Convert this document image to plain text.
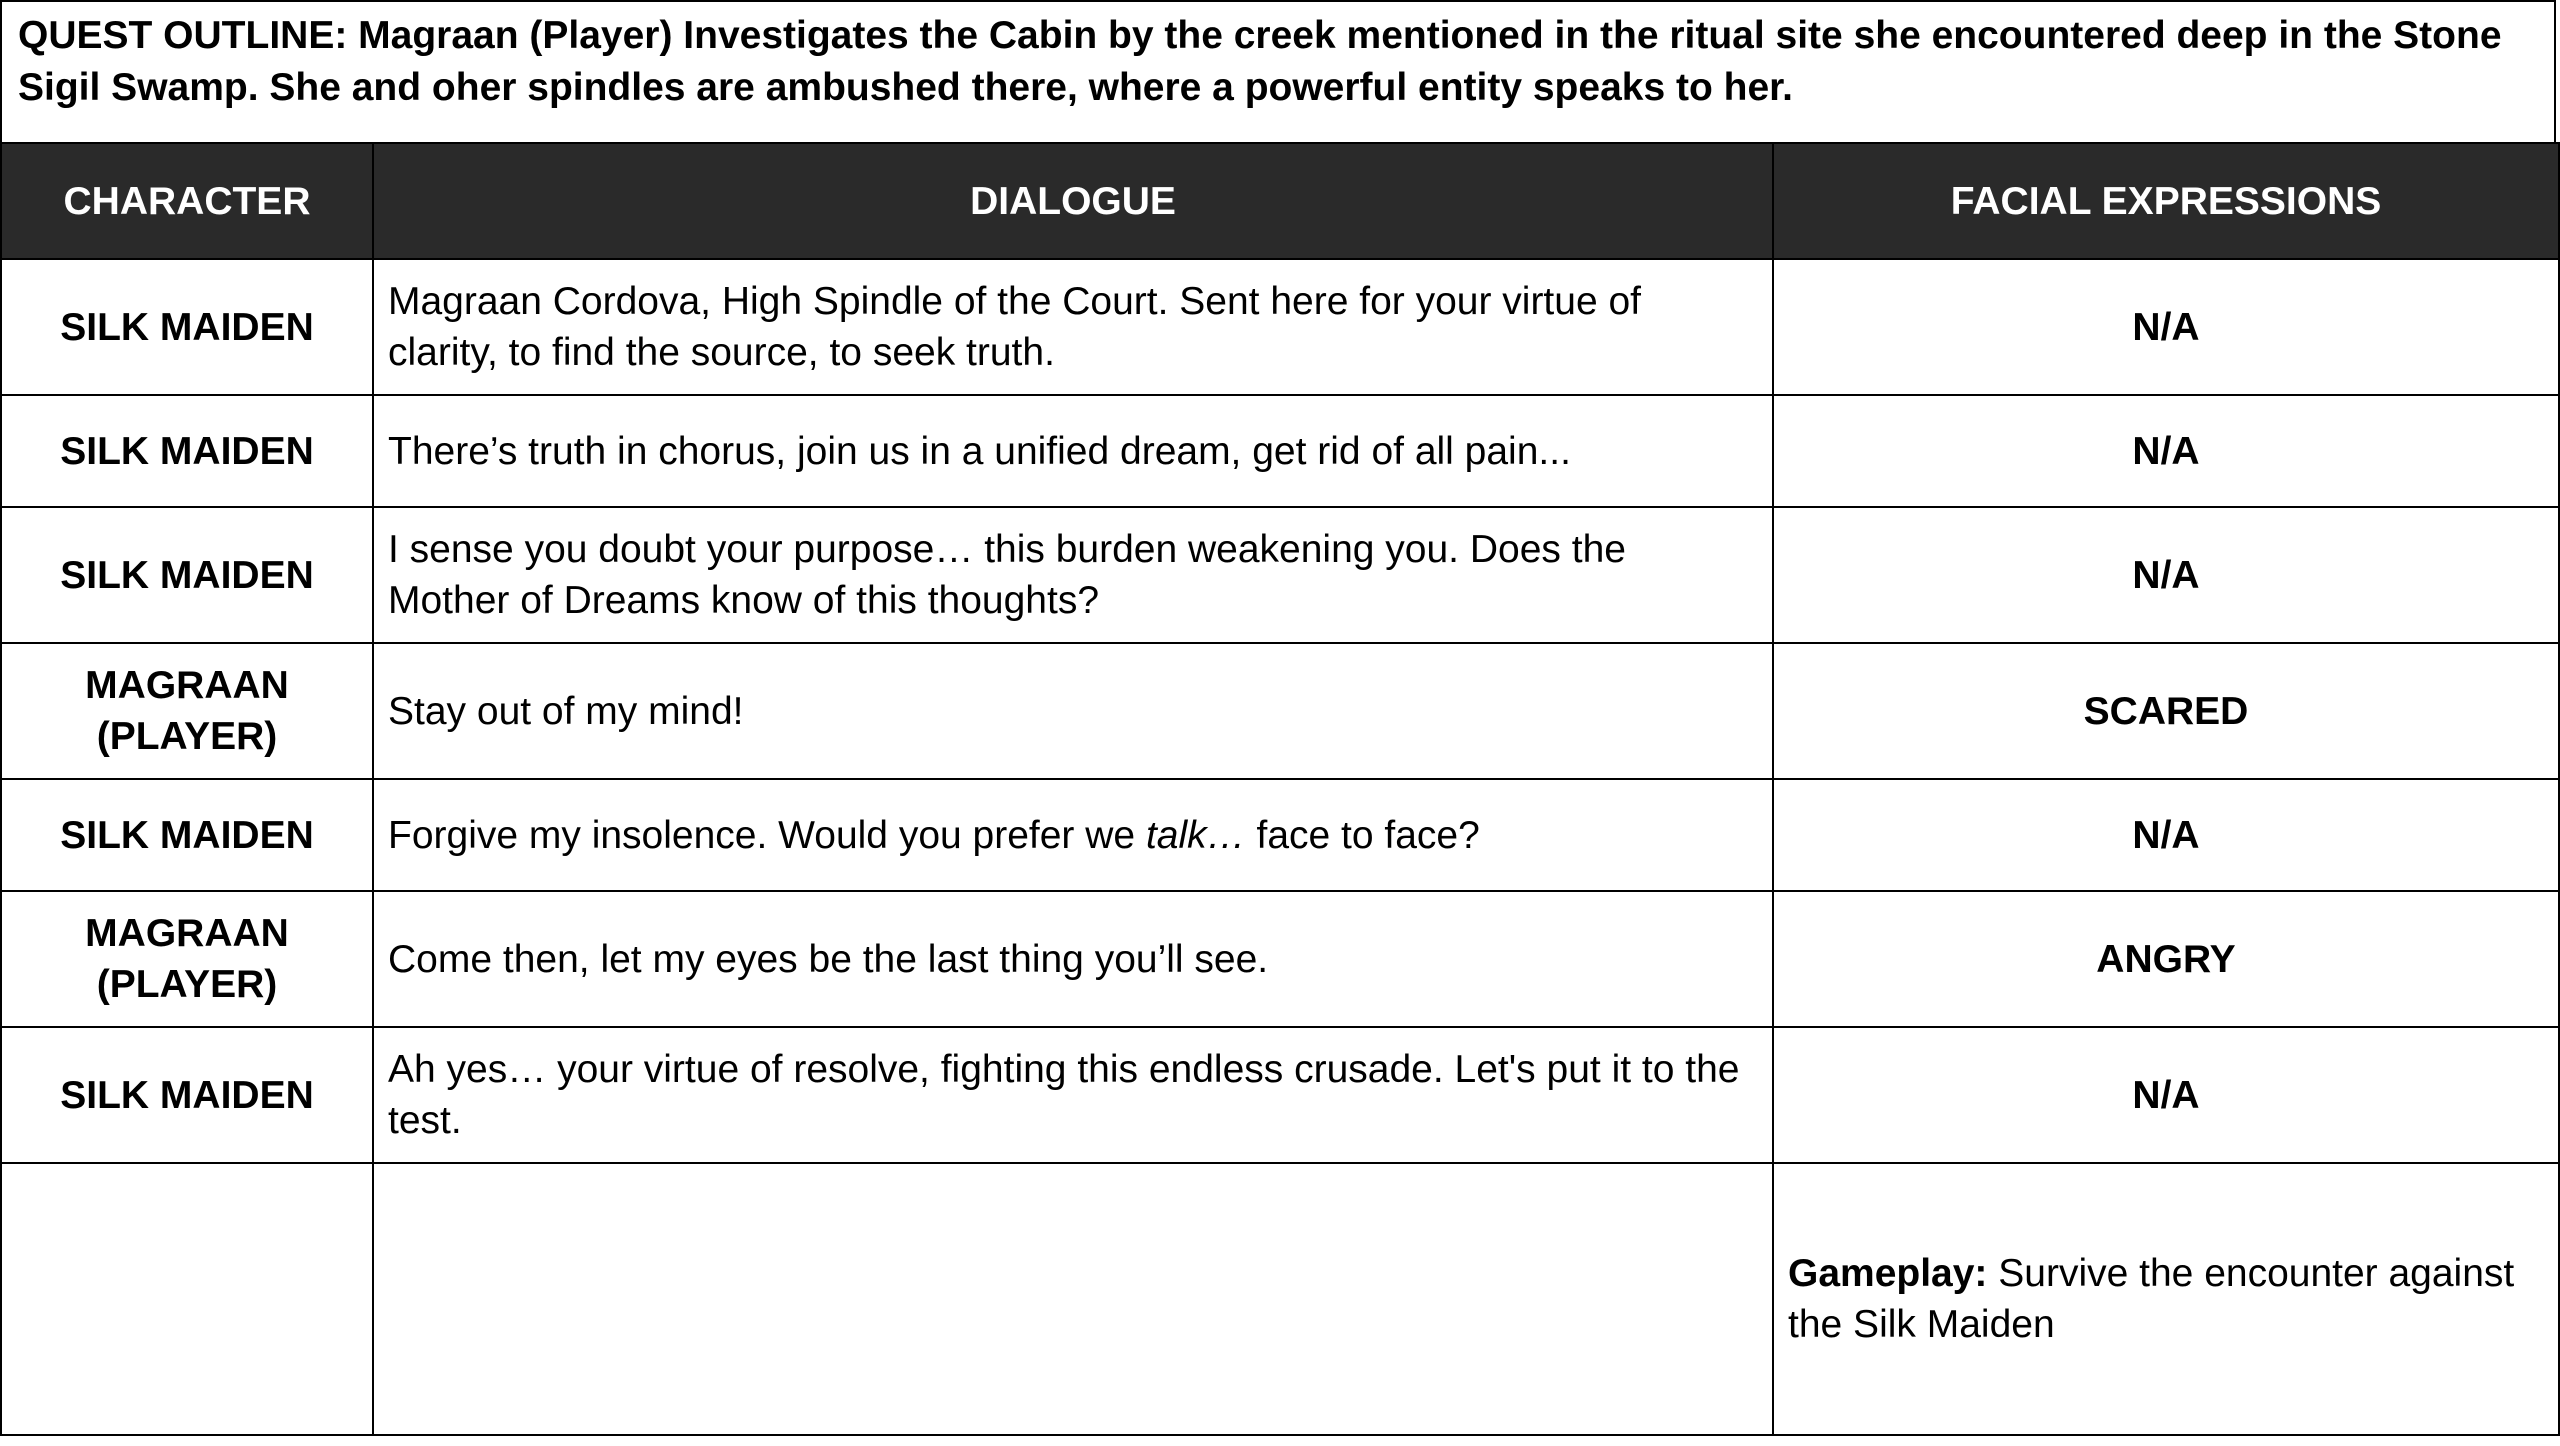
QUEST OUTLINE: Magraan (Player) Investigates the Cabin by the creek mentioned in the ritual site she encountered deep in the Stone Sigil Swamp. She and oher spindles are ambushed there, where a powerful entity speaks to her.
CHARACTER	DIALOGUE	FACIAL EXPRESSIONS
SILK MAIDEN	Magraan Cordova, High Spindle of the Court. Sent here for your virtue of clarity, to find the source, to seek truth.	N/A
SILK MAIDEN	There’s truth in chorus, join us in a unified dream, get rid of all pain...	N/A
SILK MAIDEN	I sense you doubt your purpose… this burden weakening you. Does the Mother of Dreams know of this thoughts?	N/A
MAGRAAN (PLAYER)	Stay out of my mind!	SCARED
SILK MAIDEN	Forgive my insolence. Would you prefer we talk… face to face?	N/A
MAGRAAN (PLAYER)	Come then, let my eyes be the last thing you’ll see.	ANGRY
SILK MAIDEN	Ah yes… your virtue of resolve, fighting this endless crusade. Let's put it to the test.	N/A
		Gameplay: Survive the encounter against the Silk Maiden
